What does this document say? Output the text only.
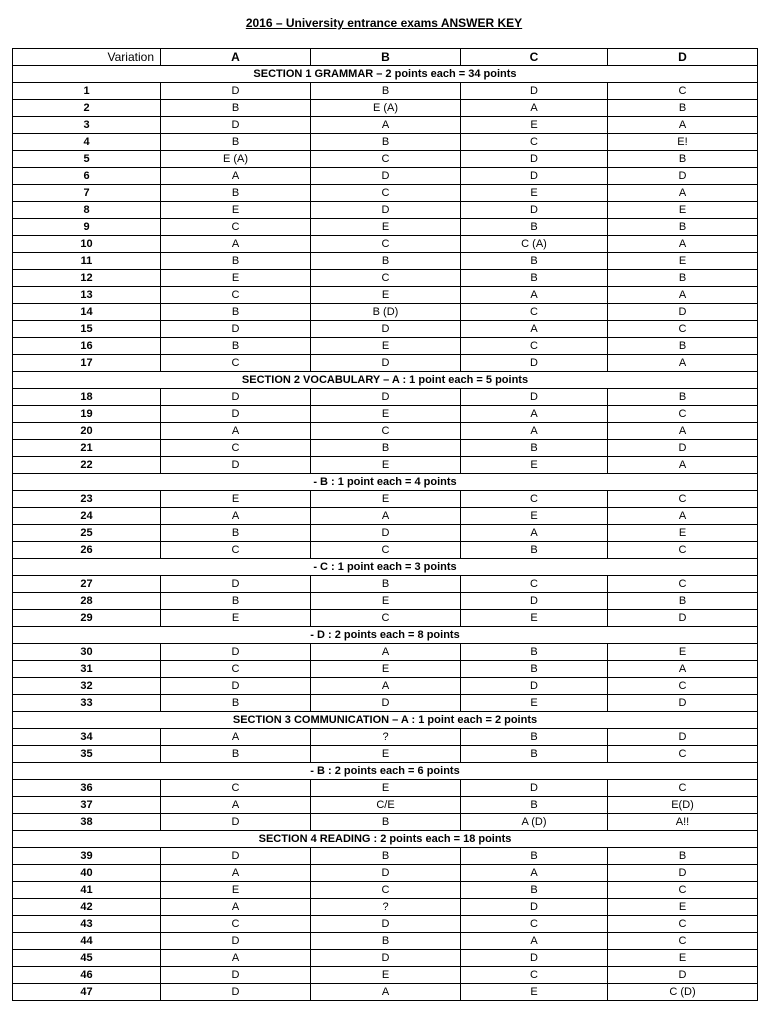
2016 – University entrance exams ANSWER KEY
Variation	A	B	C	D
SECTION 1 GRAMMAR – 2 points each = 34 points				
1	D	B	D	C
2	B	E (A)	A	B
3	D	A	E	A
4	B	B	C	E!
5	E (A)	C	D	B
6	A	D	D	D
7	B	C	E	A
8	E	D	D	E
9	C	E	B	B
10	A	C	C (A)	A
11	B	B	B	E
12	E	C	B	B
13	C	E	A	A
14	B	B (D)	C	D
15	D	D	A	C
16	B	E	C	B
17	C	D	D	A
SECTION 2 VOCABULARY – A : 1 point each = 5 points				
18	D	D	D	B
19	D	E	A	C
20	A	C	A	A
21	C	B	B	D
22	D	E	E	A
- B : 1 point each = 4 points				
23	E	E	C	C
24	A	A	E	A
25	B	D	A	E
26	C	C	B	C
- C : 1 point each = 3 points				
27	D	B	C	C
28	B	E	D	B
29	E	C	E	D
- D : 2 points each = 8 points				
30	D	A	B	E
31	C	E	B	A
32	D	A	D	C
33	B	D	E	D
SECTION 3 COMMUNICATION – A : 1 point each = 2 points				
34	A	?	B	D
35	B	E	B	C
- B : 2 points each = 6 points				
36	C	E	D	C
37	A	C/E	B	E(D)
38	D	B	A (D)	A!!
SECTION 4 READING : 2 points each = 18 points				
39	D	B	B	B
40	A	D	A	D
41	E	C	B	C
42	A	?	D	E
43	C	D	C	C
44	D	B	A	C
45	A	D	D	E
46	D	E	C	D
47	D	A	E	C (D)
